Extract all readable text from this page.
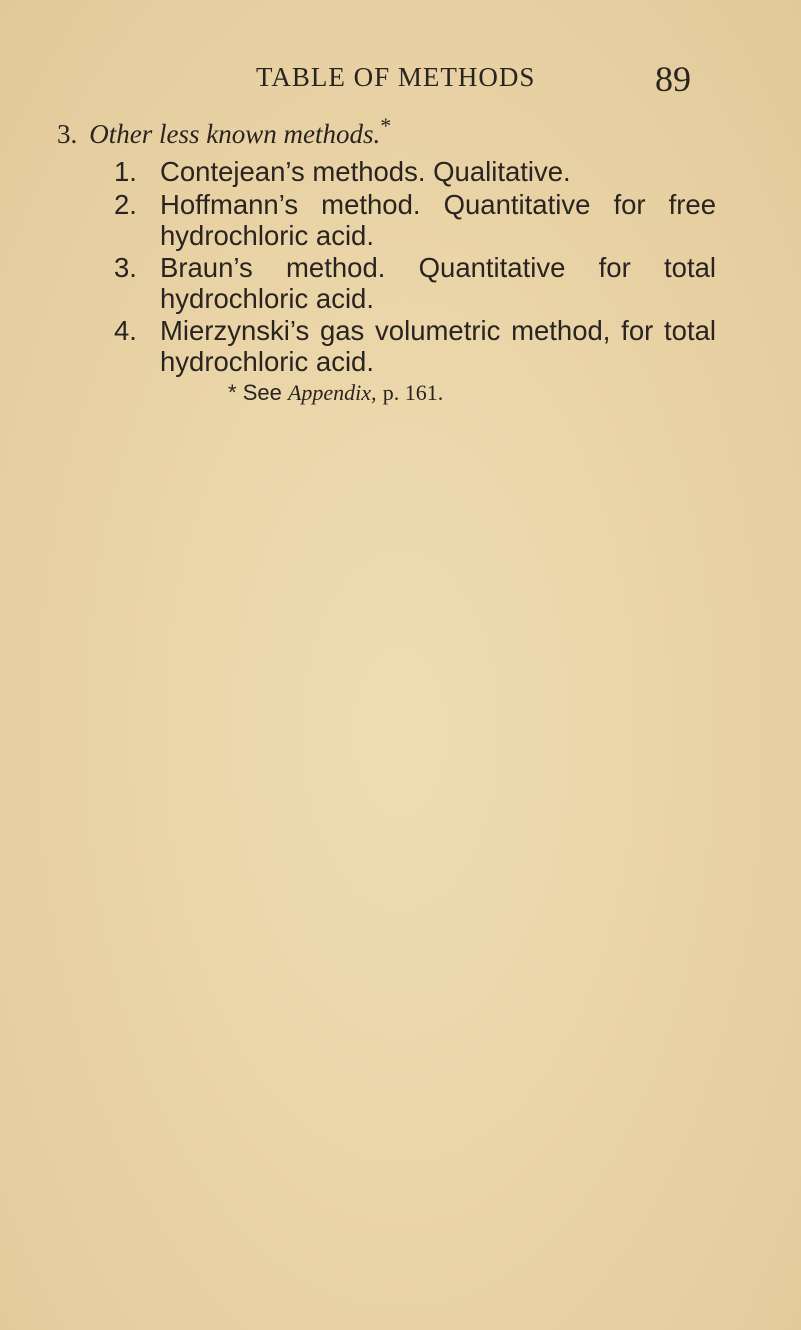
TABLE OF METHODS	89
3. Other less known methods.*
1. Contejean’s methods. Qualitative.
2. Hoffmann’s method. Quantitative for free hydrochloric acid.
3. Braun’s method. Quantitative for total hydrochloric acid.
4. Mierzynski’s gas volumetric method, for total hydrochloric acid.
* See Appendix, p. 161.
